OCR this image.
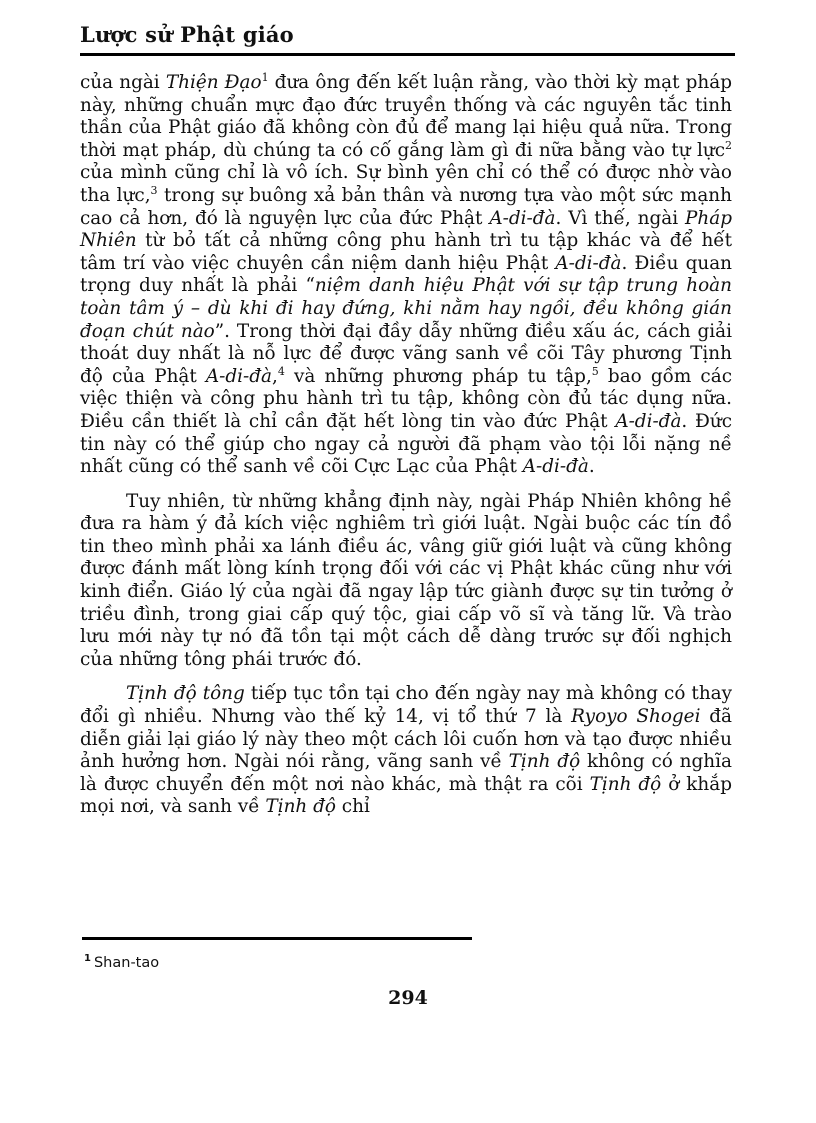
Lược sử Phật giáo

của ngài Thiện Đạo$^1$ đưa ông đến kết luận rằng, vào thời kỳ mạt pháp này, những chuẩn mực đạo đức truyền thống và các nguyên tắc tinh thần của Phật giáo đã không còn đủ để mang lại hiệu quả nữa. Trong thời mạt pháp, dù chúng ta có cố gắng làm gì đi nữa bằng vào tự lực$^2$ của mình cũng chỉ là vô ích. Sự bình yên chỉ có thể có được nhờ vào tha lực,$^3$ trong sự buông xả bản thân và nương tựa vào một sức mạnh cao cả hơn, đó là nguyện lực của đức Phật A-di-đà. Vì thế, ngài Pháp Nhiên từ bỏ tất cả những công phu hành trì tu tập khác và để hết tâm trí vào việc chuyên cần niệm danh hiệu Phật A-di-đà. Điều quan trọng duy nhất là phải “niệm danh hiệu Phật với sự tập trung hoàn toàn tâm ý – dù khi đi hay đứng, khi nằm hay ngồi, đều không gián đoạn chút nào”. Trong thời đại đầy dẫy những điều xấu ác, cách giải thoát duy nhất là nỗ lực để được vãng sanh về cõi Tây phương Tịnh độ của Phật A-di-đà,$^4$ và những phương pháp tu tập,$^5$ bao gồm các việc thiện và công phu hành trì tu tập, không còn đủ tác dụng nữa. Điều cần thiết là chỉ cần đặt hết lòng tin vào đức Phật A-di-đà. Đức tin này có thể giúp cho ngay cả người đã phạm vào tội lỗi nặng nề nhất cũng có thể sanh về cõi Cực Lạc của Phật A-di-đà.

Tuy nhiên, từ những khẳng định này, ngài Pháp Nhiên không hề đưa ra hàm ý đả kích việc nghiêm trì giới luật. Ngài buộc các tín đồ tin theo mình phải xa lánh điều ác, vâng giữ giới luật và cũng không được đánh mất lòng kính trọng đối với các vị Phật khác cũng như với kinh điển. Giáo lý của ngài đã ngay lập tức giành được sự tin tưởng ở triều đình, trong giai cấp quý tộc, giai cấp võ sĩ và tăng lữ. Và trào lưu mới này tự nó đã tồn tại một cách dễ dàng trước sự đối nghịch của những tông phái trước đó.

Tịnh độ tông tiếp tục tồn tại cho đến ngày nay mà không có thay đổi gì nhiều. Nhưng vào thế kỷ 14, vị tổ thứ 7 là Ryoyo Shogei đã diễn giải lại giáo lý này theo một cách lôi cuốn hơn và tạo được nhiều ảnh hưởng hơn. Ngài nói rằng, vãng sanh về Tịnh độ không có nghĩa là được chuyển đến một nơi nào khác, mà thật ra cõi Tịnh độ ở khắp mọi nơi, và sanh về Tịnh độ chỉ

$^1$ Shan-tao
294
